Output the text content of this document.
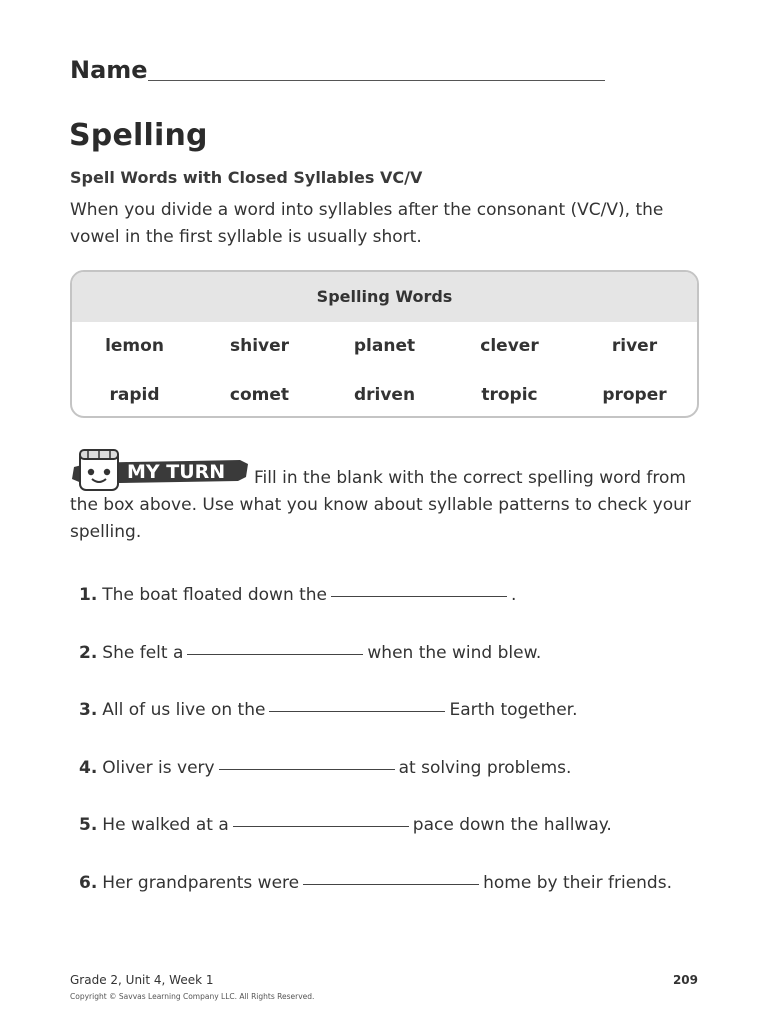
Name
Spelling
Spell Words with Closed Syllables VC/V
When you divide a word into syllables after the consonant (VC/V), the vowel in the first syllable is usually short.
Spelling Words
lemon	shiver	planet	clever	river
rapid	comet	driven	tropic	proper
MY TURN	Fill in the blank with the correct spelling word from the box above. Use what you know about syllable patterns to check your spelling.
1. The boat floated down the	.
2. She felt a	when the wind blew.
3. All of us live on the	Earth together.
4. Oliver is very	at solving problems.
5. He walked at a	pace down the hallway.
6. Her grandparents were	home by their friends.
Grade 2, Unit 4, Week 1
Copyright © Savvas Learning Company LLC. All Rights Reserved.
209
